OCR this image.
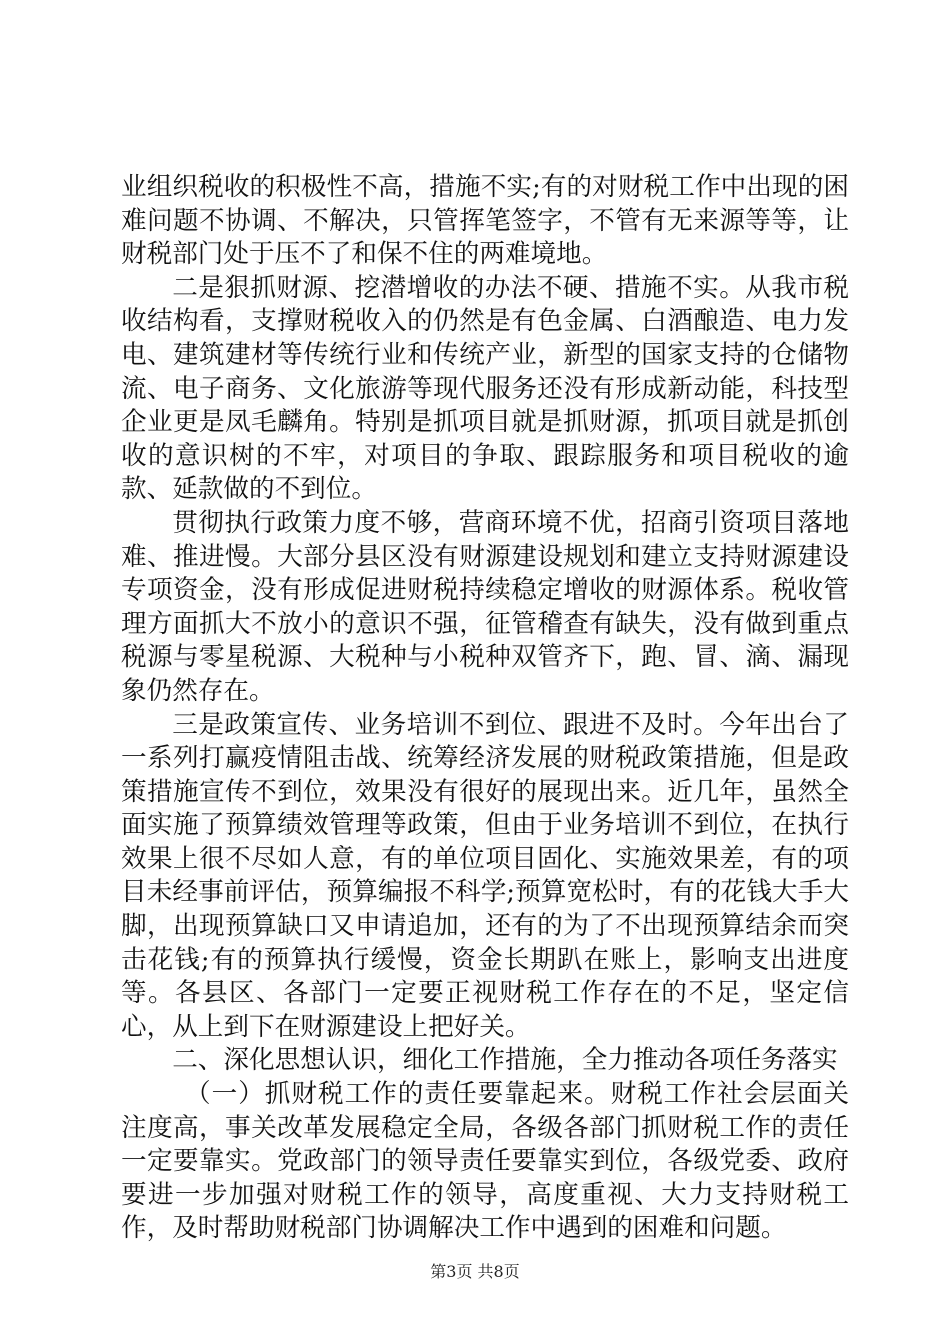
业组织税收的积极性不高，措施不实;有的对财税工作中出现的困难问题不协调、不解决，只管挥笔签字，不管有无来源等等，让财税部门处于压不了和保不住的两难境地。

二是狠抓财源、挖潜增收的办法不硬、措施不实。从我市税收结构看，支撑财税收入的仍然是有色金属、白酒酿造、电力发电、建筑建材等传统行业和传统产业，新型的国家支持的仓储物流、电子商务、文化旅游等现代服务还没有形成新动能，科技型企业更是凤毛麟角。特别是抓项目就是抓财源，抓项目就是抓创收的意识树的不牢，对项目的争取、跟踪服务和项目税收的逾款、延款做的不到位。

贯彻执行政策力度不够，营商环境不优，招商引资项目落地难、推进慢。大部分县区没有财源建设规划和建立支持财源建设专项资金，没有形成促进财税持续稳定增收的财源体系。税收管理方面抓大不放小的意识不强，征管稽查有缺失，没有做到重点税源与零星税源、大税种与小税种双管齐下，跑、冒、滴、漏现象仍然存在。

三是政策宣传、业务培训不到位、跟进不及时。今年出台了一系列打赢疫情阻击战、统筹经济发展的财税政策措施，但是政策措施宣传不到位，效果没有很好的展现出来。近几年，虽然全面实施了预算绩效管理等政策，但由于业务培训不到位，在执行效果上很不尽如人意，有的单位项目固化、实施效果差，有的项目未经事前评估，预算编报不科学;预算宽松时，有的花钱大手大脚，出现预算缺口又申请追加，还有的为了不出现预算结余而突击花钱;有的预算执行缓慢，资金长期趴在账上，影响支出进度等。各县区、各部门一定要正视财税工作存在的不足，坚定信心，从上到下在财源建设上把好关。

二、深化思想认识，细化工作措施，全力推动各项任务落实

（一）抓财税工作的责任要靠起来。财税工作社会层面关注度高，事关改革发展稳定全局，各级各部门抓财税工作的责任一定要靠实。党政部门的领导责任要靠实到位，各级党委、政府要进一步加强对财税工作的领导，高度重视、大力支持财税工作，及时帮助财税部门协调解决工作中遇到的困难和问题。

第3页 共8页
